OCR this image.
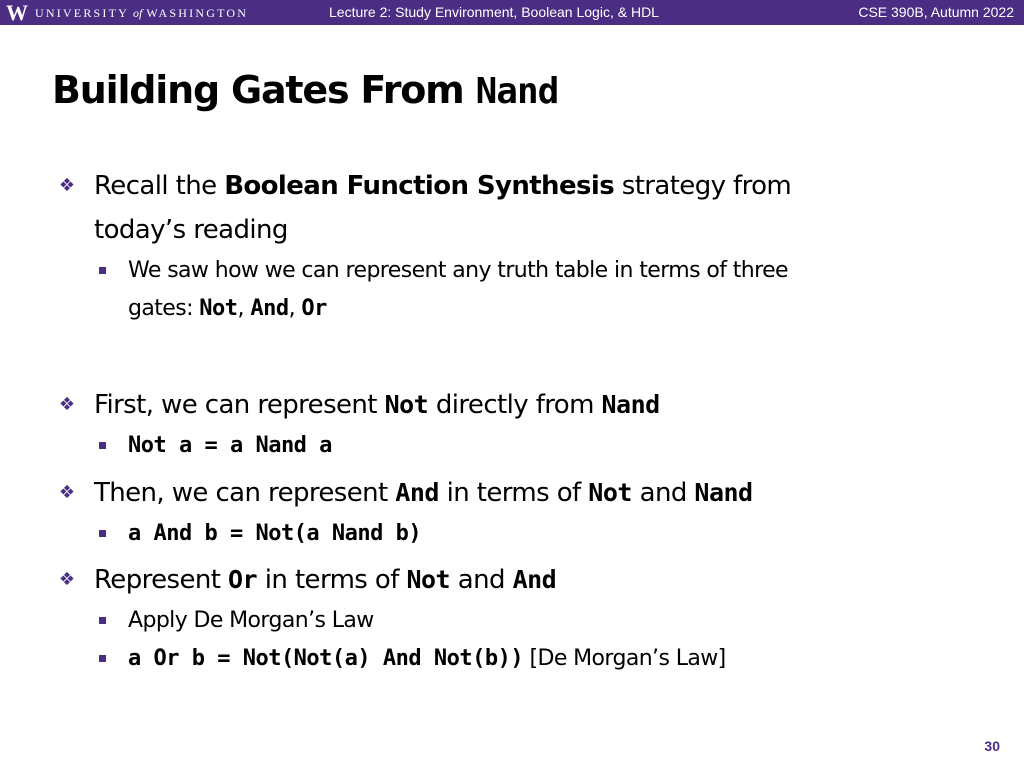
W UNIVERSITY of WASHINGTON	Lecture 2: Study Environment, Boolean Logic, & HDL	CSE 390B, Autumn 2022
Building Gates From Nand
❖ Recall the Boolean Function Synthesis strategy from
today’s reading
We saw how we can represent any truth table in terms of three
gates: Not, And, Or
❖ First, we can represent Not directly from Nand
Not a = a Nand a
❖ Then, we can represent And in terms of Not and Nand
a And b = Not(a Nand b)
❖ Represent Or in terms of Not and And
Apply De Morgan’s Law
a Or b = Not(Not(a) And Not(b)) [De Morgan’s Law]
30
